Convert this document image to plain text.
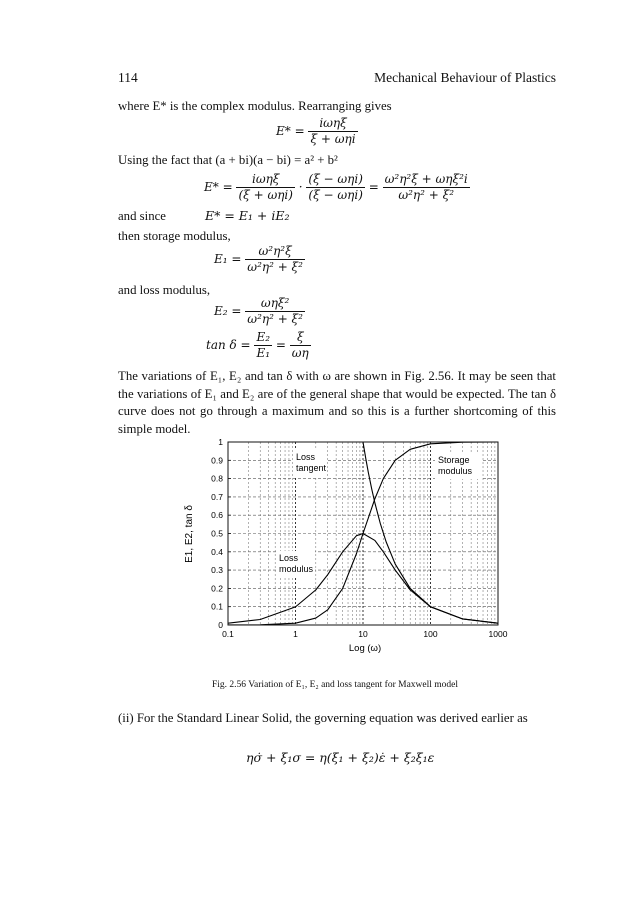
114	Mechanical Behaviour of Plastics
where E* is the complex modulus. Rearranging gives
$E* = \frac{\text{iωηξ}}{\text{ξ + ωηi}}$
Using the fact that (a + bi)(a − bi) = a² + b²
$E* = \frac{\text{iωηξ}}{\text{(ξ + ωηi)}} \cdot \frac{\text{(ξ − ωηi)}}{\text{(ξ − ωηi)}} = \frac{\text{ω²η²ξ + ωηξ²i}}{\text{ω²η² + ξ²}}$
and since	E* = E₁ + iE₂
then storage modulus,
$E_1 = \frac{\text{ω²η²ξ}}{\text{ω²η² + ξ²}}$
and loss modulus,
$E_2 = \frac{\text{ωηξ²}}{\text{ω²η² + ξ²}}$
$\tan \delta = \frac{\text{E₂}}{\text{E₁}} = \frac{\xi}{\omega\eta}$
The variations of E₁, E₂ and tan δ with ω are shown in Fig. 2.56. It may be seen that the variations of E₁ and E₂ are of the general shape that would be expected. The tan δ curve does not go through a maximum and so this is a further shortcoming of this simple model.
0
0.1
0.2
0.3
0.4
0.5
0.6
0.7
0.8
0.9
1
0.1	1	10	100	1000
E1, E2, tan δ
Log (ω)
Loss tangent
Storage modulus
Loss modulus
Fig. 2.56 Variation of E₁, E₂ and loss tangent for Maxwell model
(ii) For the Standard Linear Solid, the governing equation was derived earlier as
ησ̇ + ξ₁σ = η(ξ₁ + ξ₂)ε̇ + ξ₂ξ₁ε
